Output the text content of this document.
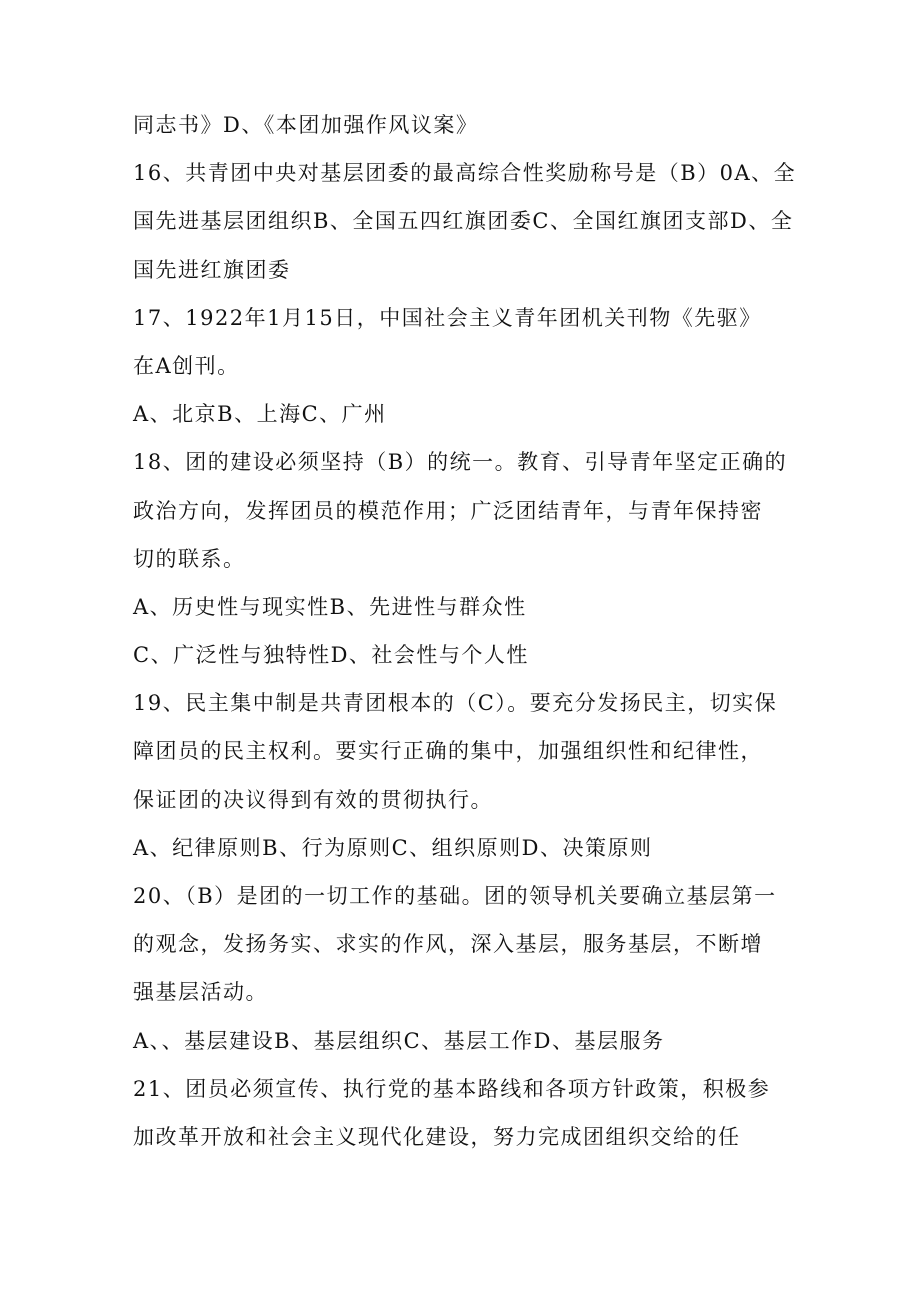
同志书》D、《本团加强作风议案》
16、共青团中央对基层团委的最高综合性奖励称号是（B）0A、全
国先进基层团组织B、全国五四红旗团委C、全国红旗团支部D、全
国先进红旗团委
17、1922年1月15日，中国社会主义青年团机关刊物《先驱》
在A创刊。
A、北京B、上海C、广州
18、团的建设必须坚持（B）的统一。教育、引导青年坚定正确的
政治方向，发挥团员的模范作用；广泛团结青年，与青年保持密
切的联系。
A、历史性与现实性B、先进性与群众性
C、广泛性与独特性D、社会性与个人性
19、民主集中制是共青团根本的（C）。要充分发扬民主，切实保
障团员的民主权利。要实行正确的集中，加强组织性和纪律性，
保证团的决议得到有效的贯彻执行。
A、纪律原则B、行为原则C、组织原则D、决策原则
20、（B）是团的一切工作的基础。团的领导机关要确立基层第一
的观念，发扬务实、求实的作风，深入基层，服务基层，不断增
强基层活动。
A、、基层建设B、基层组织C、基层工作D、基层服务
21、团员必须宣传、执行党的基本路线和各项方针政策，积极参
加改革开放和社会主义现代化建设，努力完成团组织交给的任
